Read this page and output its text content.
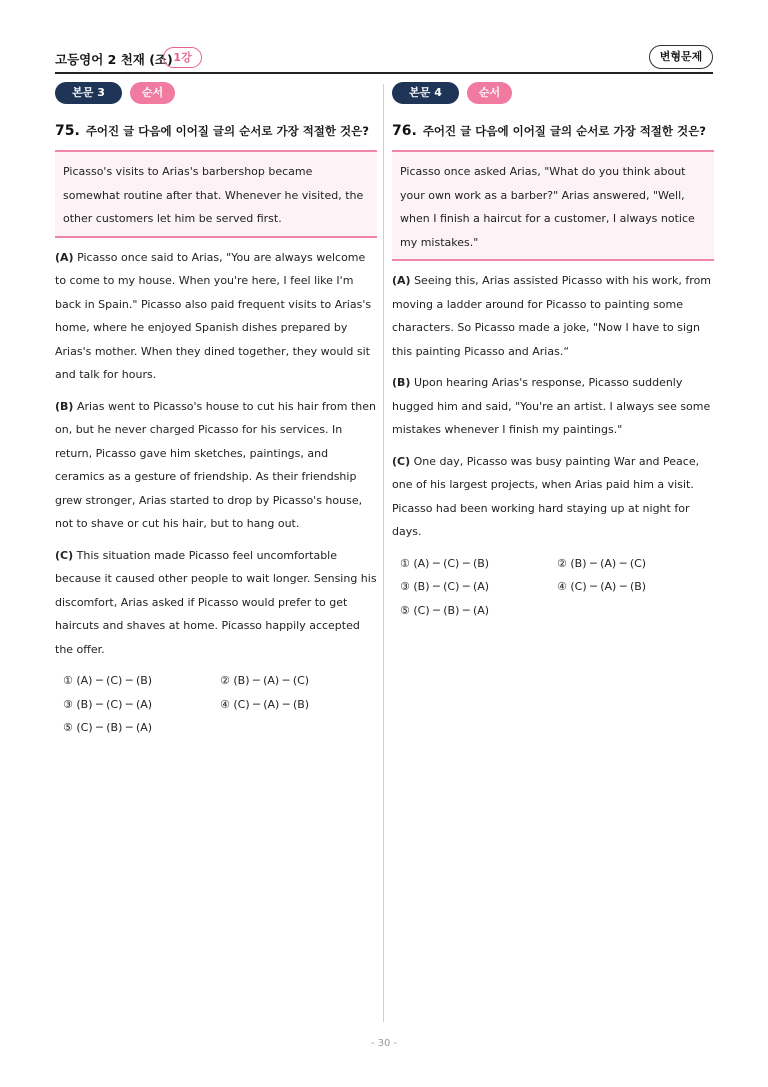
고등영어 2 천재 (조) 1강	변형문제
본문 3	순서
75. 주어진 글 다음에 이어질 글의 순서로 가장 적절한 것은?
Picasso's visits to Arias's barbershop became somewhat routine after that. Whenever he visited, the other customers let him be served first.
(A) Picasso once said to Arias, "You are always welcome to come to my house. When you're here, I feel like I'm back in Spain." Picasso also paid frequent visits to Arias's home, where he enjoyed Spanish dishes prepared by Arias's mother. When they dined together, they would sit and talk for hours.
(B) Arias went to Picasso's house to cut his hair from then on, but he never charged Picasso for his services. In return, Picasso gave him sketches, paintings, and ceramics as a gesture of friendship. As their friendship grew stronger, Arias started to drop by Picasso's house, not to shave or cut his hair, but to hang out.
(C) This situation made Picasso feel uncomfortable because it caused other people to wait longer. Sensing his discomfort, Arias asked if Picasso would prefer to get haircuts and shaves at home. Picasso happily accepted the offer.
① (A) ─ (C) ─ (B)	② (B) ─ (A) ─ (C)
③ (B) ─ (C) ─ (A)	④ (C) ─ (A) ─ (B)
⑤ (C) ─ (B) ─ (A)
본문 4	순서
76. 주어진 글 다음에 이어질 글의 순서로 가장 적절한 것은?
Picasso once asked Arias, "What do you think about your own work as a barber?" Arias answered, "Well, when I finish a haircut for a customer, I always notice my mistakes."
(A) Seeing this, Arias assisted Picasso with his work, from moving a ladder around for Picasso to painting some characters. So Picasso made a joke, "Now I have to sign this painting Picasso and Arias.“
(B) Upon hearing Arias's response, Picasso suddenly hugged him and said, "You're an artist. I always see some mistakes whenever I finish my paintings."
(C) One day, Picasso was busy painting War and Peace, one of his largest projects, when Arias paid him a visit. Picasso had been working hard staying up at night for days.
① (A) ─ (C) ─ (B)	② (B) ─ (A) ─ (C)
③ (B) ─ (C) ─ (A)	④ (C) ─ (A) ─ (B)
⑤ (C) ─ (B) ─ (A)
- 30 -
